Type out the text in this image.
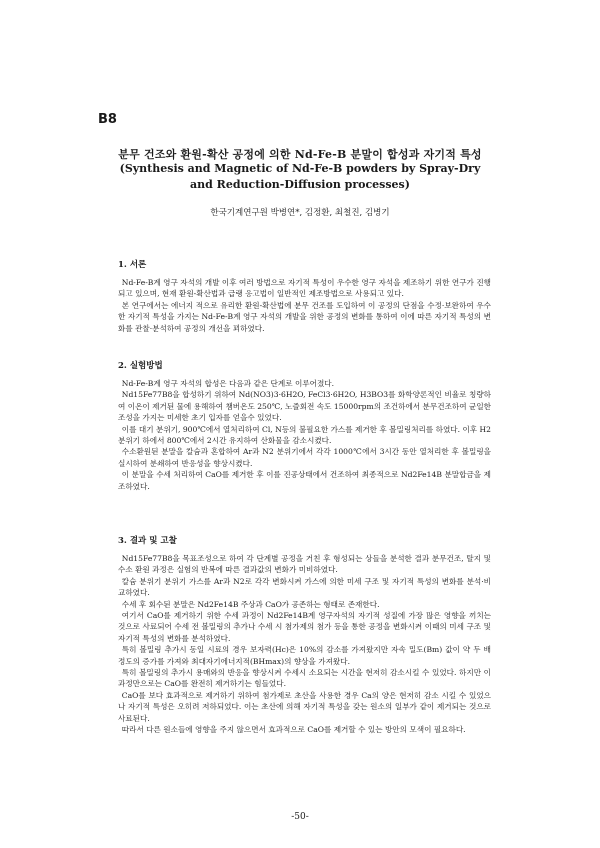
B8
분무 건조와 환원-확산 공정에 의한 Nd-Fe-B 분말이 합성과 자기적 특성
(Synthesis and Magnetic of Nd-Fe-B powders by Spray-Dry
and Reduction-Diffusion processes)
한국기계연구원 박병연*, 김정환, 최철진, 김병기
1. 서론

Nd-Fe-B계 영구 자석의 개발 이후 여러 방법으로 자기적 특성이 우수한 영구 자석을 제조하기 위한 연구가 진행되고 있으며, 현재 환원-확산법과 급랭 응고법이 일반적인 제조방법으로 사용되고 있다.

본 연구에서는 에너지 적으로 유리한 환원-확산법에 분무 건조를 도입하여 이 공정의 단점을 수정·보완하여 우수한 자기적 특성을 가지는 Nd-Fe-B계 영구 자석의 개발을 위한 공정의 변화를 통하여 이에 따른 자기적 특성의 변화를 관찰·분석하여 공정의 개선을 꾀하였다.

2. 실험방법

Nd-Fe-B계 영구 자석의 합성은 다음과 같은 단계로 이루어졌다.

Nd15Fe77B8을 합성하기 위하여 Nd(NO3)3·6H2O, FeCl3·6H2O, H3BO3를 화학양론적인 비율로 칭량하여 이온이 제거된 물에 용해하여 챔버온도 250℃, 노즐회전 속도 15000rpm의 조건하에서 분무건조하여 균일한 조성을 가지는 미세한 초기 입자를 얻을수 있었다.

이를 대기 분위기, 900℃에서 열처리하여 Cl, N등의 불필요한 가스를 제거한 후 볼밀링처리를 하였다. 이후 H2분위기 하에서 800℃에서 2시간 유지하여 산화물을 감소시켰다.

수소환원된 분말을 칼슘과 혼합하여 Ar과 N2 분위기에서 각각 1000℃에서 3시간 동안 열처리한 후 볼밀링을 실시하여 분쇄하여 반응성을 향상시켰다.

이 분말을 수세 처리하여 CaO를 제거한 후 이를 진공상태에서 건조하여 최종적으로 Nd2Fe14B 분말합금을 제조하였다.

3. 결과 및 고찰

Nd15Fe77B8을 목표조성으로 하여 각 단계별 공정을 거친 후 형성되는 상들을 분석한 결과 분무건조, 탈지 및 수소 환원 과정은 실험의 반복에 따른 결과값의 변화가 미비하였다.

칼슘 분위기 분위기 가스를 Ar과 N2로 각각 변화시켜 가스에 의한 미세 구조 및 자기적 특성의 변화를 분석·비교하였다.

수세 후 회수된 분말은 Nd2Fe14B 주상과 CaO가 공존하는 형태로 존재한다.

여기서 CaO를 제거하기 위한 수세 과정이 Nd2Fe14B계 영구자석의 자기적 성질에 가장 많은 영향을 끼치는 것으로 사료되어 수세 전 볼밀링의 추가나 수세 시 첨가제의 첨가 등을 통한 공정을 변화시켜 이때의 미세 구조 및 자기적 특성의 변화를 분석하였다.

특히 볼밀링 추가시 동일 시료의 경우 보자력(Hc)은 10%의 감소를 가져왔지만 자속 밀도(Bm) 값이 약 두 배 정도의 증가를 가져와 최대자기에너지적(BHmax)의 향상을 가져왔다.

특히 볼밀링의 추가시 용매와의 반응을 향상시켜 수세시 소요되는 시간을 현저히 감소시킬 수 있었다. 하지만 이 과정만으로는 CaO를 완전히 제거하기는 힘들었다.

CaO를 보다 효과적으로 제거하기 위하여 첨가제로 초산을 사용한 경우 Ca의 양은 현저히 감소 시킬 수 있었으나 자기적 특성은 오히려 저하되었다. 이는 초산에 의해 자기적 특성을 갖는 원소의 일부가 같이 제거되는 것으로 사료된다.

따라서 다른 원소들에 영향을 주지 않으면서 효과적으로 CaO를 제거할 수 있는 방안의 모색이 필요하다.

-50-
